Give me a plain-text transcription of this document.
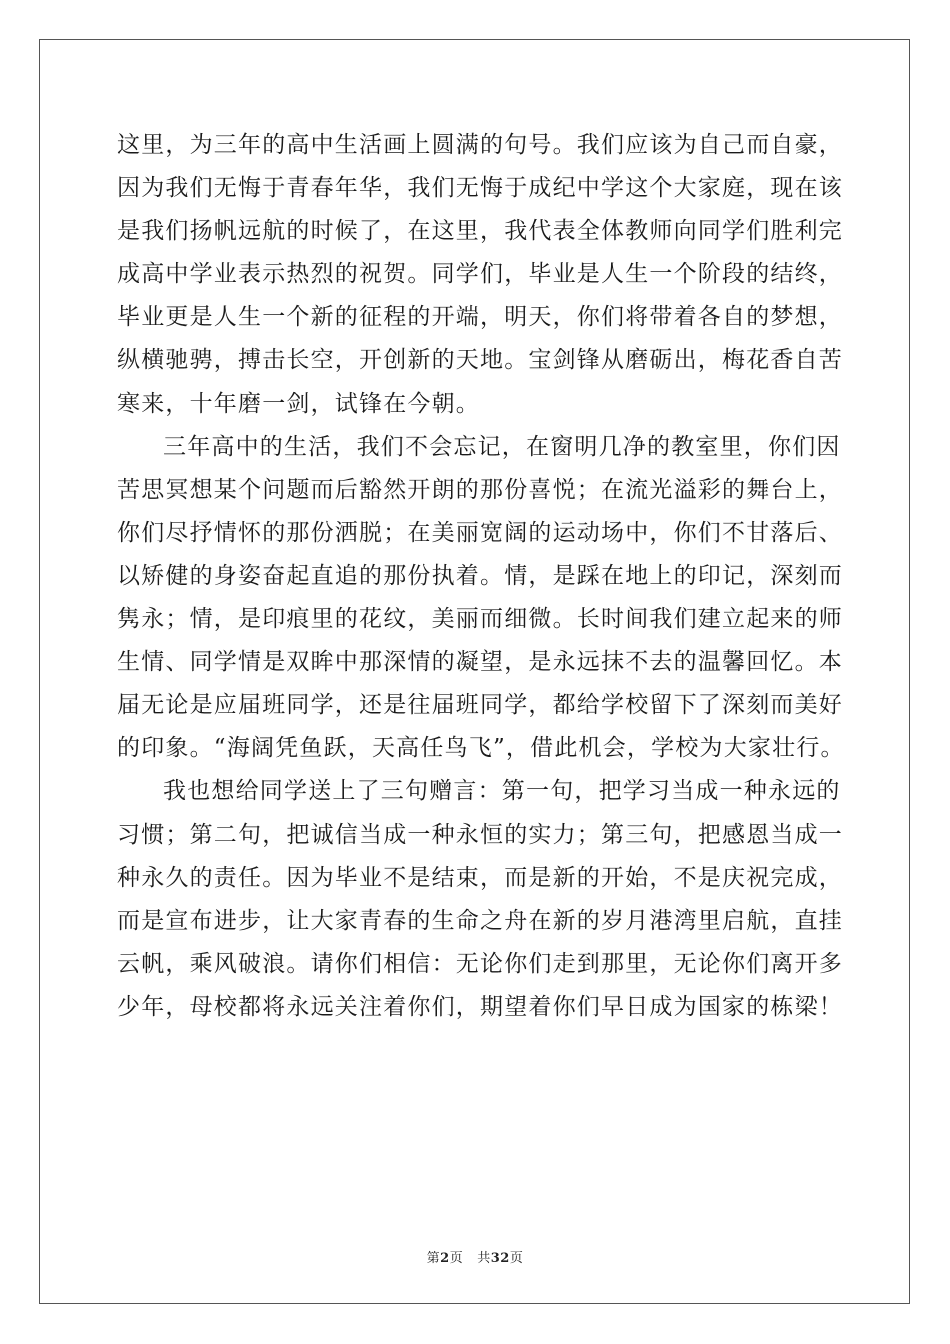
这里，为三年的高中生活画上圆满的句号。我们应该为自己而自豪，
因为我们无悔于青春年华，我们无悔于成纪中学这个大家庭，现在该
是我们扬帆远航的时候了，在这里，我代表全体教师向同学们胜利完
成高中学业表示热烈的祝贺。同学们，毕业是人生一个阶段的结终，
毕业更是人生一个新的征程的开端，明天，你们将带着各自的梦想，
纵横驰骋，搏击长空，开创新的天地。宝剑锋从磨砺出，梅花香自苦
寒来，十年磨一剑，试锋在今朝。

三年高中的生活，我们不会忘记，在窗明几净的教室里，你们因
苦思冥想某个问题而后豁然开朗的那份喜悦；在流光溢彩的舞台上，
你们尽抒情怀的那份洒脱；在美丽宽阔的运动场中，你们不甘落后、
以矫健的身姿奋起直追的那份执着。情，是踩在地上的印记，深刻而
隽永；情，是印痕里的花纹，美丽而细微。长时间我们建立起来的师
生情、同学情是双眸中那深情的凝望，是永远抹不去的温馨回忆。本
届无论是应届班同学，还是往届班同学，都给学校留下了深刻而美好
的印象。“海阔凭鱼跃，天高任鸟飞”，借此机会，学校为大家壮行。

我也想给同学送上了三句赠言：第一句，把学习当成一种永远的
习惯；第二句，把诚信当成一种永恒的实力；第三句，把感恩当成一
种永久的责任。因为毕业不是结束，而是新的开始，不是庆祝完成，
而是宣布进步，让大家青春的生命之舟在新的岁月港湾里启航，直挂
云帆，乘风破浪。请你们相信：无论你们走到那里，无论你们离开多
少年，母校都将永远关注着你们，期望着你们早日成为国家的栋梁！

第2页 共32页
